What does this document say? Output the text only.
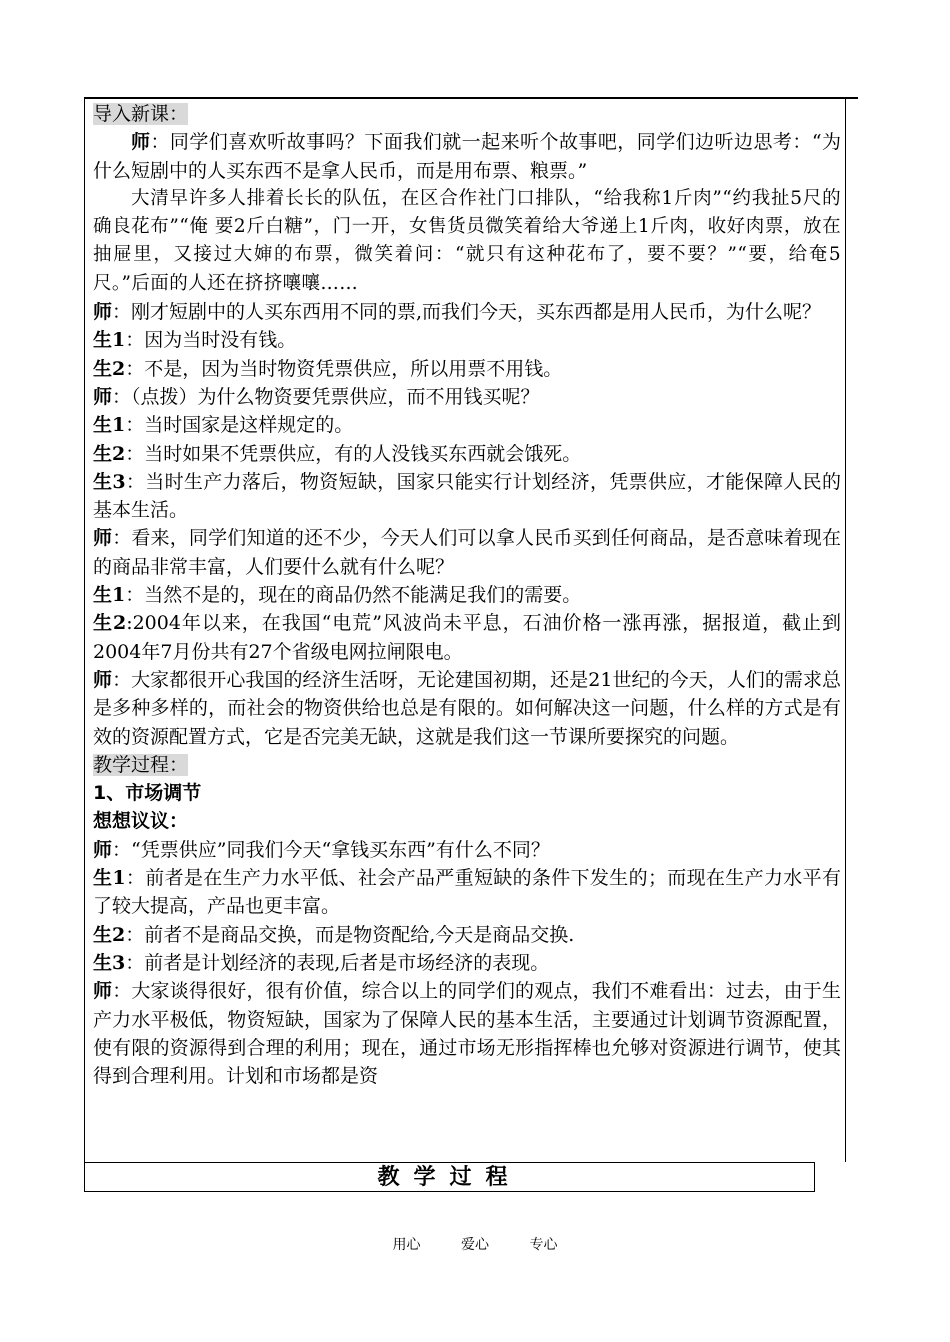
导入新课：

师：同学们喜欢听故事吗？下面我们就一起来听个故事吧，同学们边听边思考：“为什么短剧中的人买东西不是拿人民币，而是用布票、粮票。”

大清早许多人排着长长的队伍，在区合作社门口排队，“给我称1斤肉”“约我扯5尺的确良花布”“俺 要2斤白糖”，门一开，女售货员微笑着给大爷递上1斤肉，收好肉票，放在抽屉里，又接过大婶的布票，微笑着问：“就只有这种花布了，要不要？”“要，给奄5尺。”后面的人还在挤挤嚷嚷……

师：刚才短剧中的人买东西用不同的票,而我们今天，买东西都是用人民币，为什么呢？

生1：因为当时没有钱。

生2：不是，因为当时物资凭票供应，所以用票不用钱。

师：（点拨）为什么物资要凭票供应，而不用钱买呢？

生1：当时国家是这样规定的。

生2：当时如果不凭票供应，有的人没钱买东西就会饿死。

生3：当时生产力落后，物资短缺，国家只能实行计划经济，凭票供应，才能保障人民的基本生活。

师：看来，同学们知道的还不少，今天人们可以拿人民币买到任何商品，是否意味着现在的商品非常丰富，人们要什么就有什么呢？

生1：当然不是的，现在的商品仍然不能满足我们的需要。

生2:2004年以来，在我国“电荒”风波尚未平息，石油价格一涨再涨，据报道，截止到2004年7月份共有27个省级电网拉闸限电。

师：大家都很开心我国的经济生活呀，无论建国初期，还是21世纪的今天，人们的需求总是多种多样的，而社会的物资供给也总是有限的。如何解决这一问题，什么样的方式是有效的资源配置方式，它是否完美无缺，这就是我们这一节课所要探究的问题。

教学过程：

1、市场调节

想想议议：

师：“凭票供应”同我们今天“拿钱买东西”有什么不同？

生1：前者是在生产力水平低、社会产品严重短缺的条件下发生的；而现在生产力水平有了较大提高，产品也更丰富。

生2：前者不是商品交换，而是物资配给,今天是商品交换.

生3：前者是计划经济的表现,后者是市场经济的表现。

师：大家谈得很好，很有价值，综合以上的同学们的观点，我们不难看出：过去，由于生产力水平极低，物资短缺，国家为了保障人民的基本生活，主要通过计划调节资源配置，使有限的资源得到合理的利用；现在，通过市场无形指挥棒也允够对资源进行调节，使其得到合理利用。计划和市场都是资

教学过程
用心	爱心	专心
